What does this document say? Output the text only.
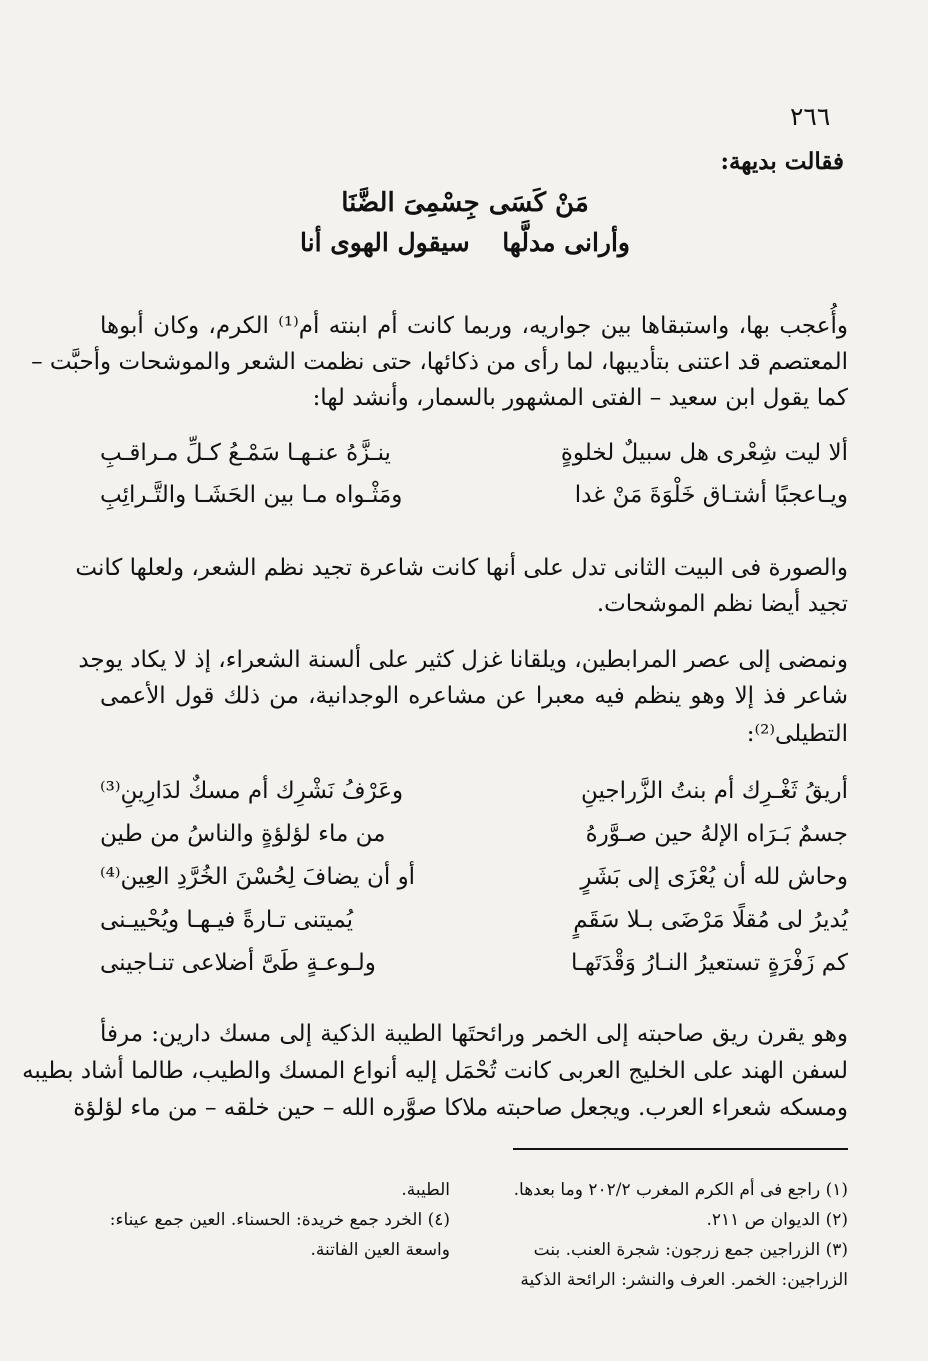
٢٦٦
فقالت بديهة:
مَنْ كَسَى جِسْمِىَ الضَّنَا
وأرانى مدلَّها
سيقول الهوى أنا
وأُعجب بها، واستبقاها بين جواريه، وربما كانت أم ابنته أم⁽¹⁾ الكرم، وكان أبوها
المعتصم قد اعتنى بتأديبها، لما رأى من ذكائها، حتى نظمت الشعر والموشحات وأحبَّت –
كما يقول ابن سعيد – الفتى المشهور بالسمار، وأنشد لها:
ألا ليت شِعْرى هل سبيلٌ لخلوةٍ
ينـزَّهُ عنـهـا سَمْـعُ كـلِّ مـراقـبِ
ويـاعجبًا أشتـاق خَلْوَةَ مَنْ غدا
ومَثْـواه مـا بين الحَشَـا والتَّـرائِبِ
والصورة فى البيت الثانى تدل على أنها كانت شاعرة تجيد نظم الشعر، ولعلها كانت
تجيد أيضا نظم الموشحات.
ونمضى إلى عصر المرابطين، ويلقانا غزل كثير على ألسنة الشعراء، إذ لا يكاد يوجد
شاعر فذ إلا وهو ينظم فيه معبرا عن مشاعره الوجدانية، من ذلك قول الأعمى
التطيلى⁽²⁾:
أريقُ ثَغْـرِك أم بنتُ الزَّراجينِ
وعَرْفُ نَشْرِك أم مسكٌ لدَارِينِ⁽³⁾
جسمٌ بَـرَاه الإلهُ حين صـوَّرهُ
من ماء لؤلؤةٍ والناسُ من طين
وحاش لله أن يُعْزَى إلى بَشَرٍ
أو أن يضافَ لِحُسْنَ الخُرَّدِ العِين⁽⁴⁾
يُديرُ لى مُقلًا مَرْضَى بـلا سَقَمٍ
يُميتنى تـارةً فيـهـا ويُحْييـنى
كم زَفْرَةٍ تستعيرُ النـارُ وَقْدَتَهـا
ولـوعـةٍ طَىَّ أضلاعى تنـاجينى
وهو يقرن ريق صاحبته إلى الخمر ورائحتَها الطيبة الذكية إلى مسك دارين: مرفأ
لسفن الهند على الخليج العربى كانت تُحْمَل إليه أنواع المسك والطيب، طالما أشاد بطيبه
ومسكه شعراء العرب. ويجعل صاحبته ملاكا صوَّره الله – حين خلقه – من ماء لؤلؤة
(١) راجع فى أم الكرم المغرب ٢٠٢/٢ وما بعدها.
(٢) الديوان ص ٢١١.
(٣) الزراجين جمع زرجون: شجرة العنب. بنت
الزراجين: الخمر. العرف والنشر: الرائحة الذكية
الطيبة.
(٤) الخرد جمع خريدة: الحسناء. العين جمع عيناء:
واسعة العين الفاتنة.
